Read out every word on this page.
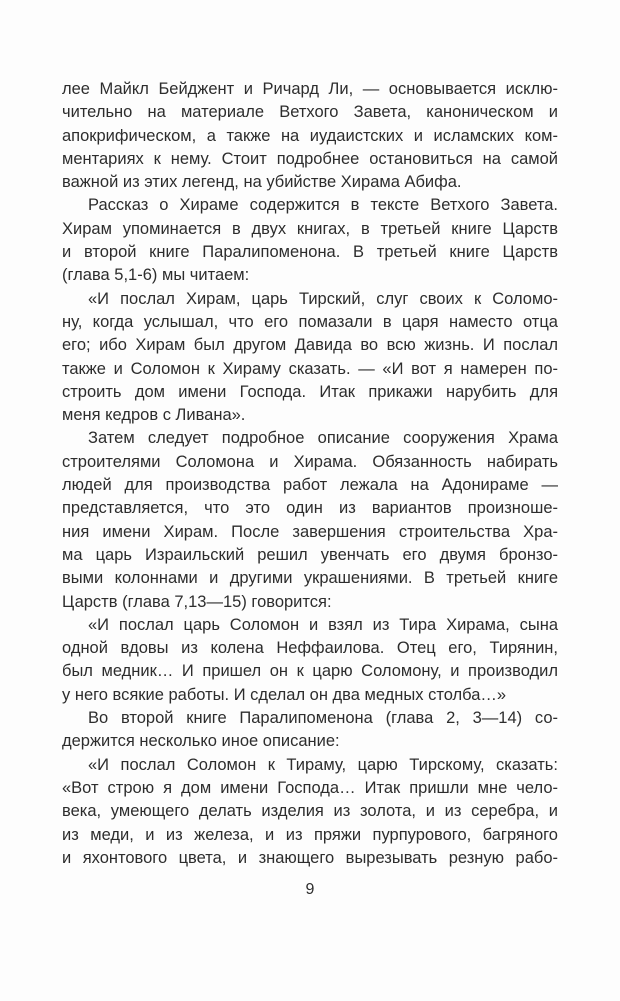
лее Майкл Бейджент и Ричард Ли, — основывается исклю-
чительно на материале Ветхого Завета, каноническом и
апокрифическом, а также на иудаистских и исламских ком-
ментариях к нему. Стоит подробнее остановиться на самой
важной из этих легенд, на убийстве Хирама Абифа.
Рассказ о Хираме содержится в тексте Ветхого Завета.
Хирам упоминается в двух книгах, в третьей книге Царств
и второй книге Паралипоменона. В третьей книге Царств
(глава 5,1-6) мы читаем:
«И послал Хирам, царь Тирский, слуг своих к Соломо-
ну, когда услышал, что его помазали в царя наместо отца
его; ибо Хирам был другом Давида во всю жизнь. И послал
также и Соломон к Хираму сказать. — «И вот я намерен по-
строить дом имени Господа. Итак прикажи нарубить для
меня кедров с Ливана».
Затем следует подробное описание сооружения Храма
строителями Соломона и Хирама. Обязанность набирать
людей для производства работ лежала на Адонираме —
представляется, что это один из вариантов произноше-
ния имени Хирам. После завершения строительства Хра-
ма царь Израильский решил увенчать его двумя бронзо-
выми колоннами и другими украшениями. В третьей книге
Царств (глава 7,13—15) говорится:
«И послал царь Соломон и взял из Тира Хирама, сына
одной вдовы из колена Неффаилова. Отец его, Тирянин,
был медник… И пришел он к царю Соломону, и производил
у него всякие работы. И сделал он два медных столба…»
Во второй книге Паралипоменона (глава 2, 3—14) со-
держится несколько иное описание:
«И послал Соломон к Тираму, царю Тирскому, сказать:
«Вот строю я дом имени Господа… Итак пришли мне чело-
века, умеющего делать изделия из золота, и из серебра, и
из меди, и из железа, и из пряжи пурпурового, багряного
и яхонтового цвета, и знающего вырезывать резную рабо-
9
